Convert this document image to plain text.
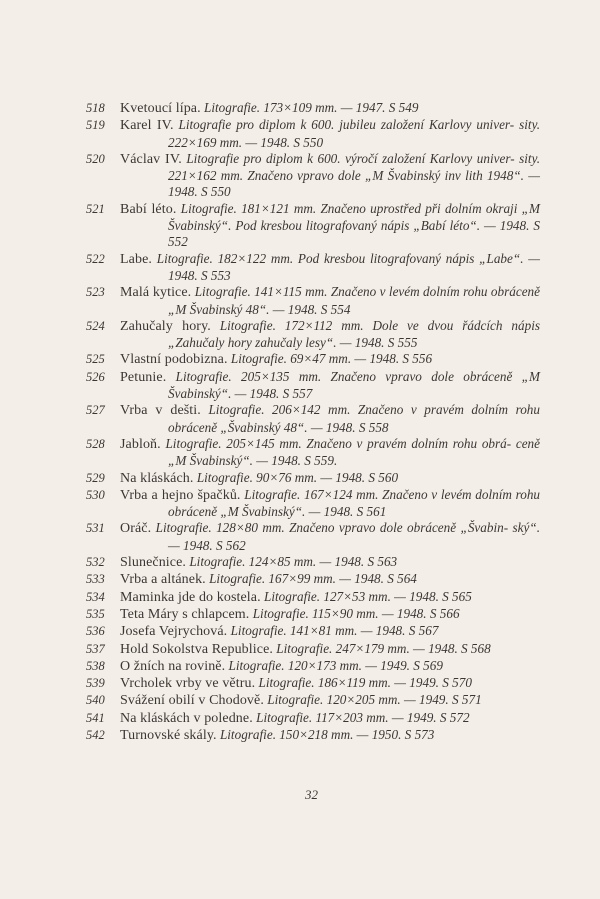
518	Kvetoucí lípa. Litografie. 173×109 mm. — 1947. S 549
519	Karel IV. Litografie pro diplom k 600. jubileu založení Karlovy univer- sity. 222×169 mm. — 1948. S 550
520	Václav IV. Litografie pro diplom k 600. výročí založení Karlovy univer- sity. 221×162 mm. Značeno vpravo dole „M Švabinský inv lith 1948“. — 1948. S 550
521	Babí léto. Litografie. 181×121 mm. Značeno uprostřed při dolním okraji „M Švabinský“. Pod kresbou litografovaný nápis „Babí léto“. — 1948. S 552
522	Labe. Litografie. 182×122 mm. Pod kresbou litografovaný nápis „Labe“. — 1948. S 553
523	Malá kytice. Litografie. 141×115 mm. Značeno v levém dolním rohu obráceně „M Švabinský 48“. — 1948. S 554
524	Zahučaly hory. Litografie. 172×112 mm. Dole ve dvou řádcích nápis „Zahučaly hory zahučaly lesy“. — 1948. S 555
525	Vlastní podobizna. Litografie. 69×47 mm. — 1948. S 556
526	Petunie. Litografie. 205×135 mm. Značeno vpravo dole obráceně „M Švabinský“. — 1948. S 557
527	Vrba v dešti. Litografie. 206×142 mm. Značeno v pravém dolním rohu obráceně „Švabinský 48“. — 1948. S 558
528	Jabloň. Litografie. 205×145 mm. Značeno v pravém dolním rohu obrá- ceně „M Švabinský“. — 1948. S 559.
529	Na kláskách. Litografie. 90×76 mm. — 1948. S 560
530	Vrba a hejno špačků. Litografie. 167×124 mm. Značeno v levém dolním rohu obráceně „M Švabinský“. — 1948. S 561
531	Oráč. Litografie. 128×80 mm. Značeno vpravo dole obráceně „Švabin- ský“. — 1948. S 562
532	Slunečnice. Litografie. 124×85 mm. — 1948. S 563
533	Vrba a altánek. Litografie. 167×99 mm. — 1948. S 564
534	Maminka jde do kostela. Litografie. 127×53 mm. — 1948. S 565
535	Teta Máry s chlapcem. Litografie. 115×90 mm. — 1948. S 566
536	Josefa Vejrychová. Litografie. 141×81 mm. — 1948. S 567
537	Hold Sokolstva Republice. Litografie. 247×179 mm. — 1948. S 568
538	O žních na rovině. Litografie. 120×173 mm. — 1949. S 569
539	Vrcholek vrby ve větru. Litografie. 186×119 mm. — 1949. S 570
540	Svážení obilí v Chodově. Litografie. 120×205 mm. — 1949. S 571
541	Na kláskách v poledne. Litografie. 117×203 mm. — 1949. S 572
542	Turnovské skály. Litografie. 150×218 mm. — 1950. S 573
32
